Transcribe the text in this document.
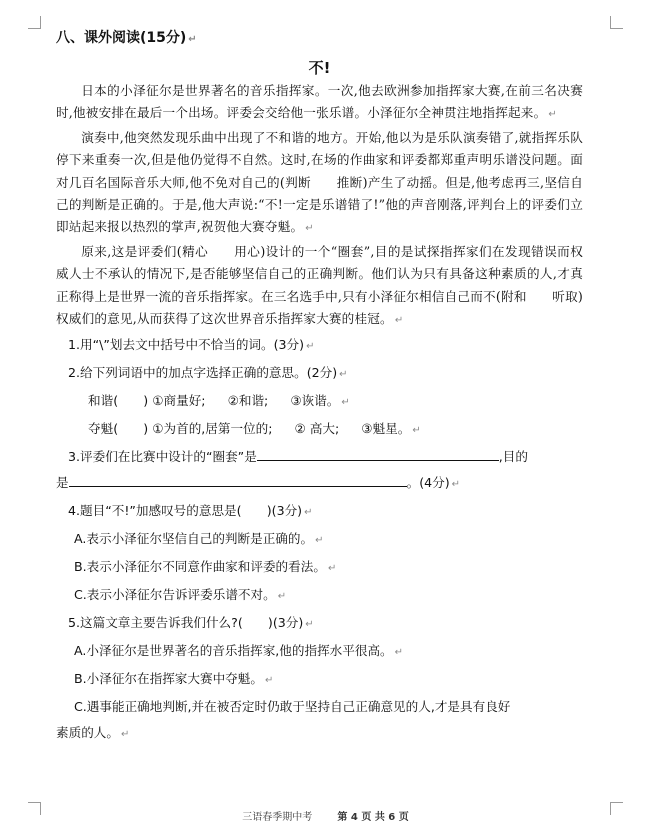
八、课外阅读(15分) ↵
不!

日本的小泽征尔是世界著名的音乐指挥家。一次,他去欧洲参加指挥家大赛,在前三名决赛时,他被安排在最后一个出场。评委会交给他一张乐谱。小泽征尔全神贯注地指挥起来。 ↵

演奏中,他突然发现乐曲中出现了不和谐的地方。开始,他以为是乐队演奏错了,就指挥乐队停下来重奏一次,但是他仍觉得不自然。这时,在场的作曲家和评委都郑重声明乐谱没问题。面对几百名国际音乐大师,他不免对自己的(判断　　推断)产生了动摇。但是,他考虑再三,坚信自己的判断是正确的。于是,他大声说:“不!一定是乐谱错了!”他的声音刚落,评判台上的评委们立即站起来报以热烈的掌声,祝贺他大赛夺魁。 ↵

原来,这是评委们(精心　　用心)设计的一个“圈套”,目的是试探指挥家们在发现错误而权威人士不承认的情况下,是否能够坚信自己的正确判断。他们认为只有具备这种素质的人,才真正称得上是世界一流的音乐指挥家。在三名选手中,只有小泽征尔相信自己而不(附和　　听取)权威们的意见,从而获得了这次世界音乐指挥家大赛的桂冠。 ↵

1.用“\”划去文中括号中不恰当的词。(3分) ↵

2.给下列词语中的加点字选择正确的意思。(2分) ↵

和谐(　　) ①商量好; ②和谐; ③诙谐。 ↵

夺魁(　　) ①为首的,居第一位的; ② 高大; ③魁星。 ↵

3.评委们在比赛中设计的“圈套”是	,目的

是	。(4分) ↵

4.题目“不!”加感叹号的意思是(　　)(3分) ↵

A.表示小泽征尔坚信自己的判断是正确的。 ↵

B.表示小泽征尔不同意作曲家和评委的看法。 ↵

C.表示小泽征尔告诉评委乐谱不对。 ↵

5.这篇文章主要告诉我们什么?(　　)(3分) ↵

A.小泽征尔是世界著名的音乐指挥家,他的指挥水平很高。 ↵

B.小泽征尔在指挥家大赛中夺魁。 ↵

C.遇事能正确地判断,并在被否定时仍敢于坚持自己正确意见的人,才是具有良好

素质的人。 ↵

三语春季期中考	第 4 页 共 6 页
